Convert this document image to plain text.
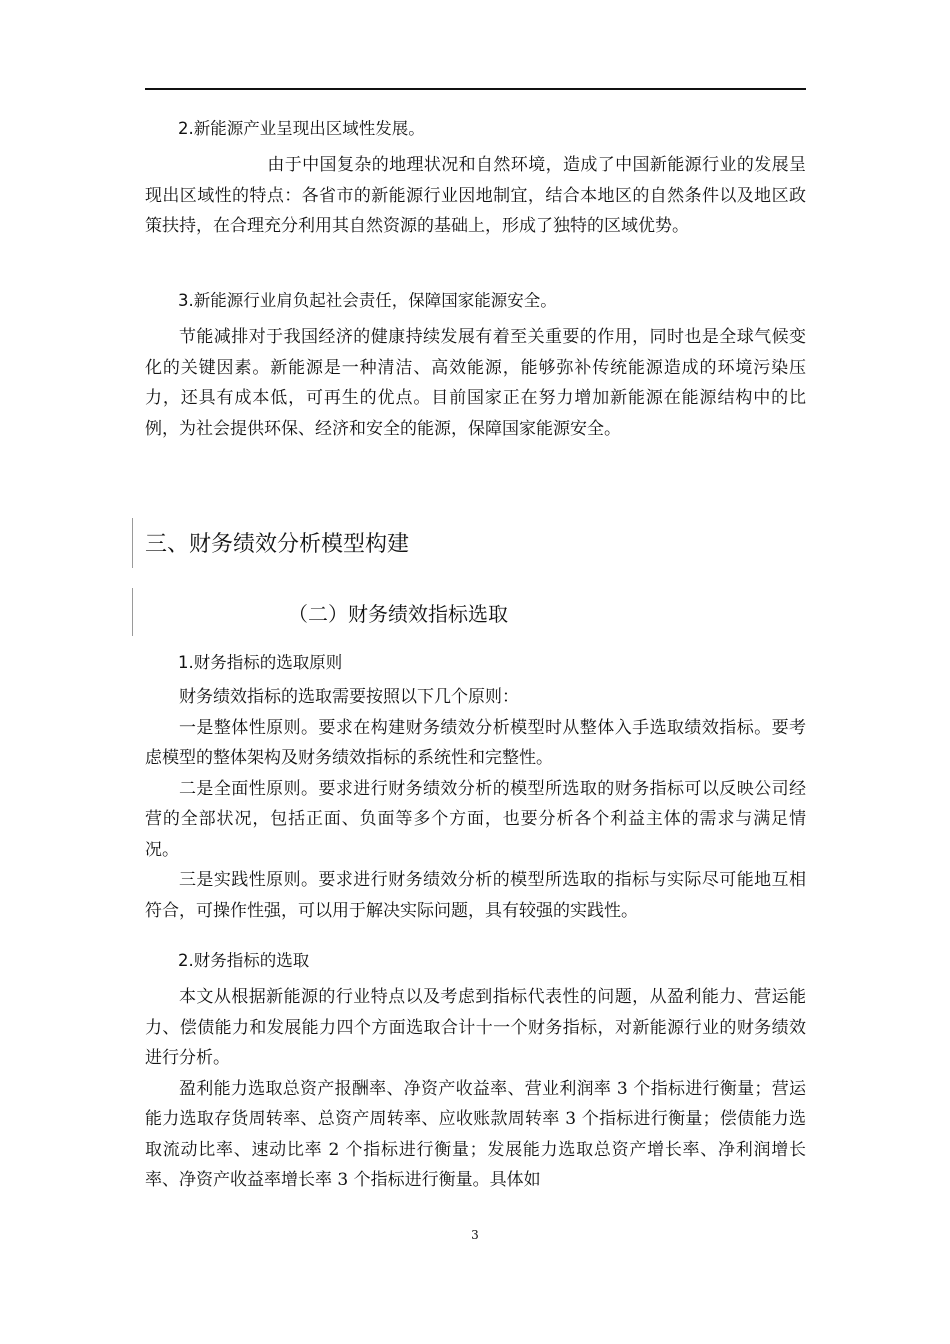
2.新能源产业呈现出区域性发展。

由于中国复杂的地理状况和自然环境，造成了中国新能源行业的发展呈现出区域性的特点：各省市的新能源行业因地制宜，结合本地区的自然条件以及地区政策扶持，在合理充分利用其自然资源的基础上，形成了独特的区域优势。

3.新能源行业肩负起社会责任，保障国家能源安全。

节能减排对于我国经济的健康持续发展有着至关重要的作用，同时也是全球气候变化的关键因素。新能源是一种清洁、高效能源，能够弥补传统能源造成的环境污染压力，还具有成本低，可再生的优点。目前国家正在努力增加新能源在能源结构中的比例，为社会提供环保、经济和安全的能源，保障国家能源安全。

三、财务绩效分析模型构建
（二）财务绩效指标选取

1.财务指标的选取原则

财务绩效指标的选取需要按照以下几个原则：

一是整体性原则。要求在构建财务绩效分析模型时从整体入手选取绩效指标。要考虑模型的整体架构及财务绩效指标的系统性和完整性。

二是全面性原则。要求进行财务绩效分析的模型所选取的财务指标可以反映公司经营的全部状况，包括正面、负面等多个方面，也要分析各个利益主体的需求与满足情况。

三是实践性原则。要求进行财务绩效分析的模型所选取的指标与实际尽可能地互相符合，可操作性强，可以用于解决实际问题，具有较强的实践性。

2.财务指标的选取

本文从根据新能源的行业特点以及考虑到指标代表性的问题，从盈利能力、营运能力、偿债能力和发展能力四个方面选取合计十一个财务指标，对新能源行业的财务绩效进行分析。

盈利能力选取总资产报酬率、净资产收益率、营业利润率 3 个指标进行衡量；营运能力选取存货周转率、总资产周转率、应收账款周转率 3 个指标进行衡量；偿债能力选取流动比率、速动比率 2 个指标进行衡量；发展能力选取总资产增长率、净利润增长率、净资产收益率增长率 3 个指标进行衡量。具体如

3
